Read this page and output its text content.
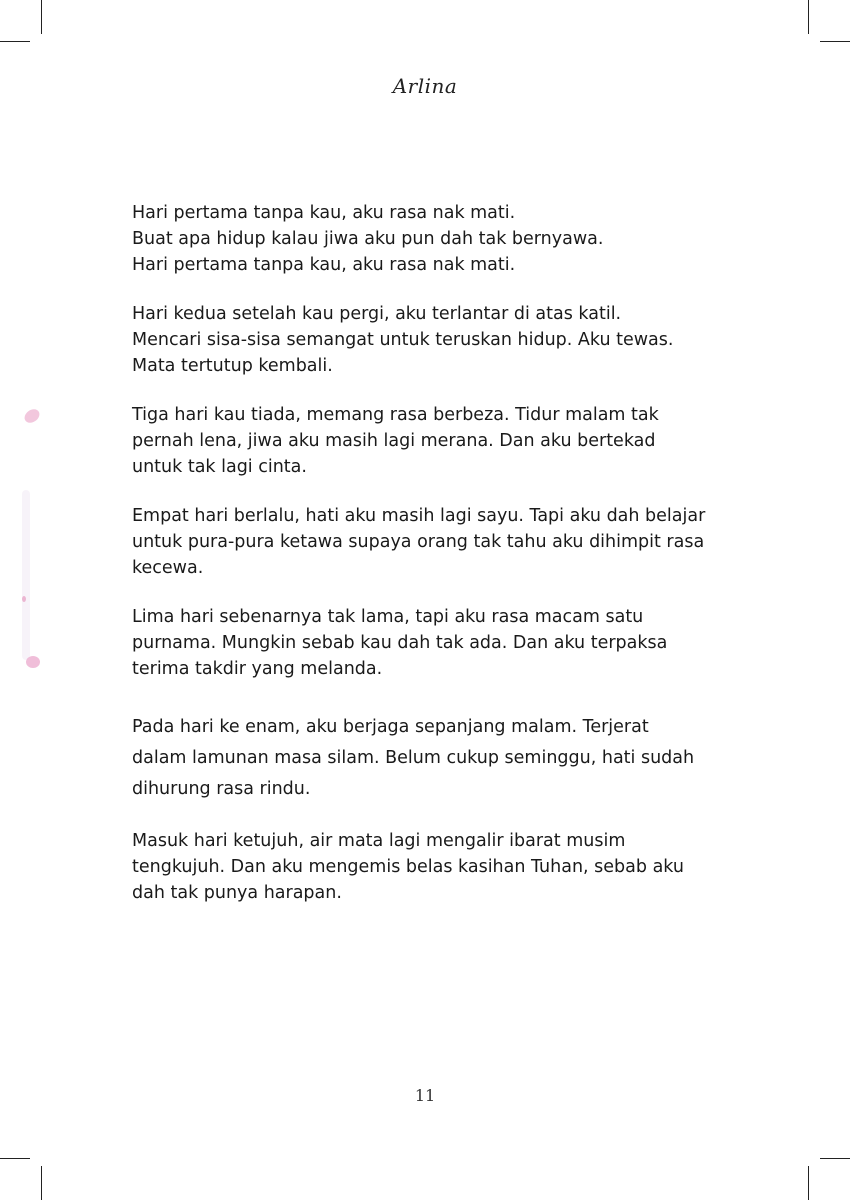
Arlina
Hari pertama tanpa kau, aku rasa nak mati.
Buat apa hidup kalau jiwa aku pun dah tak bernyawa.
Hari pertama tanpa kau, aku rasa nak mati.
Hari kedua setelah kau pergi, aku terlantar di atas katil.
Mencari sisa-sisa semangat untuk teruskan hidup. Aku tewas.
Mata tertutup kembali.
Tiga hari kau tiada, memang rasa berbeza. Tidur malam tak
pernah lena, jiwa aku masih lagi merana. Dan aku bertekad
untuk tak lagi cinta.
Empat hari berlalu, hati aku masih lagi sayu. Tapi aku dah belajar
untuk pura-pura ketawa supaya orang tak tahu aku dihimpit rasa
kecewa.
Lima hari sebenarnya tak lama, tapi aku rasa macam satu
purnama. Mungkin sebab kau dah tak ada. Dan aku terpaksa
terima takdir yang melanda.
Pada hari ke enam, aku berjaga sepanjang malam. Terjerat
dalam lamunan masa silam. Belum cukup seminggu, hati sudah
dihurung rasa rindu.
Masuk hari ketujuh, air mata lagi mengalir ibarat musim
tengkujuh. Dan aku mengemis belas kasihan Tuhan, sebab aku
dah tak punya harapan.
11
